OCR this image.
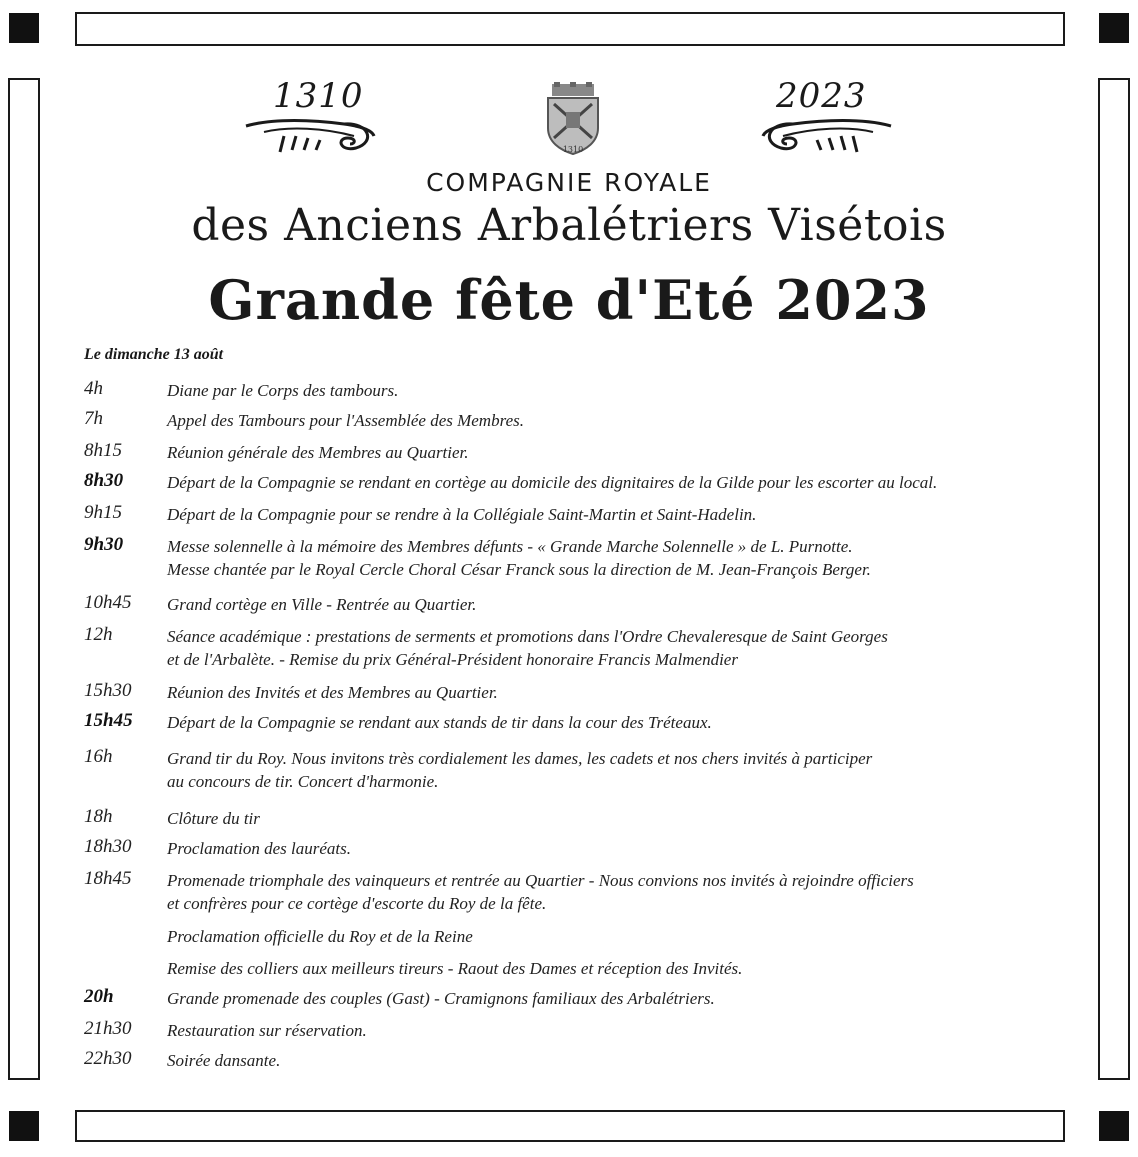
1310	2023
1310
COMPAGNIE ROYALE
des Anciens Arbalétriers Visétois
Grande fête d'Eté 2023
Le dimanche 13 août
4h	Diane par le Corps des tambours.
7h	Appel des Tambours pour l'Assemblée des Membres.
8h15	Réunion générale des Membres au Quartier.
8h30	Départ de la Compagnie se rendant en cortège au domicile des dignitaires de la Gilde pour les escorter au local.
9h15	Départ de la Compagnie pour se rendre à la Collégiale Saint-Martin et Saint-Hadelin.
9h30	Messe solennelle à la mémoire des Membres défunts - « Grande Marche Solennelle » de L. Purnotte.
Messe chantée par le Royal Cercle Choral César Franck sous la direction de M. Jean-François Berger.
10h45 Grand cortège en Ville - Rentrée au Quartier.
12h	Séance académique : prestations de serments et promotions dans l'Ordre Chevaleresque de Saint Georges
et de l'Arbalète. - Remise du prix Général-Président honoraire Francis Malmendier
15h30 Réunion des Invités et des Membres au Quartier.
15h45 Départ de la Compagnie se rendant aux stands de tir dans la cour des Tréteaux.
16h	Grand tir du Roy. Nous invitons très cordialement les dames, les cadets et nos chers invités à participer
au concours de tir. Concert d'harmonie.
18h	Clôture du tir
18h30 Proclamation des lauréats.
18h45 Promenade triomphale des vainqueurs et rentrée au Quartier - Nous convions nos invités à rejoindre officiers
et confrères pour ce cortège d'escorte du Roy de la fête.
Proclamation officielle du Roy et de la Reine
Remise des colliers aux meilleurs tireurs - Raout des Dames et réception des Invités.
20h	Grande promenade des couples (Gast) - Cramignons familiaux des Arbalétriers.
21h30 Restauration sur réservation.
22h30 Soirée dansante.
